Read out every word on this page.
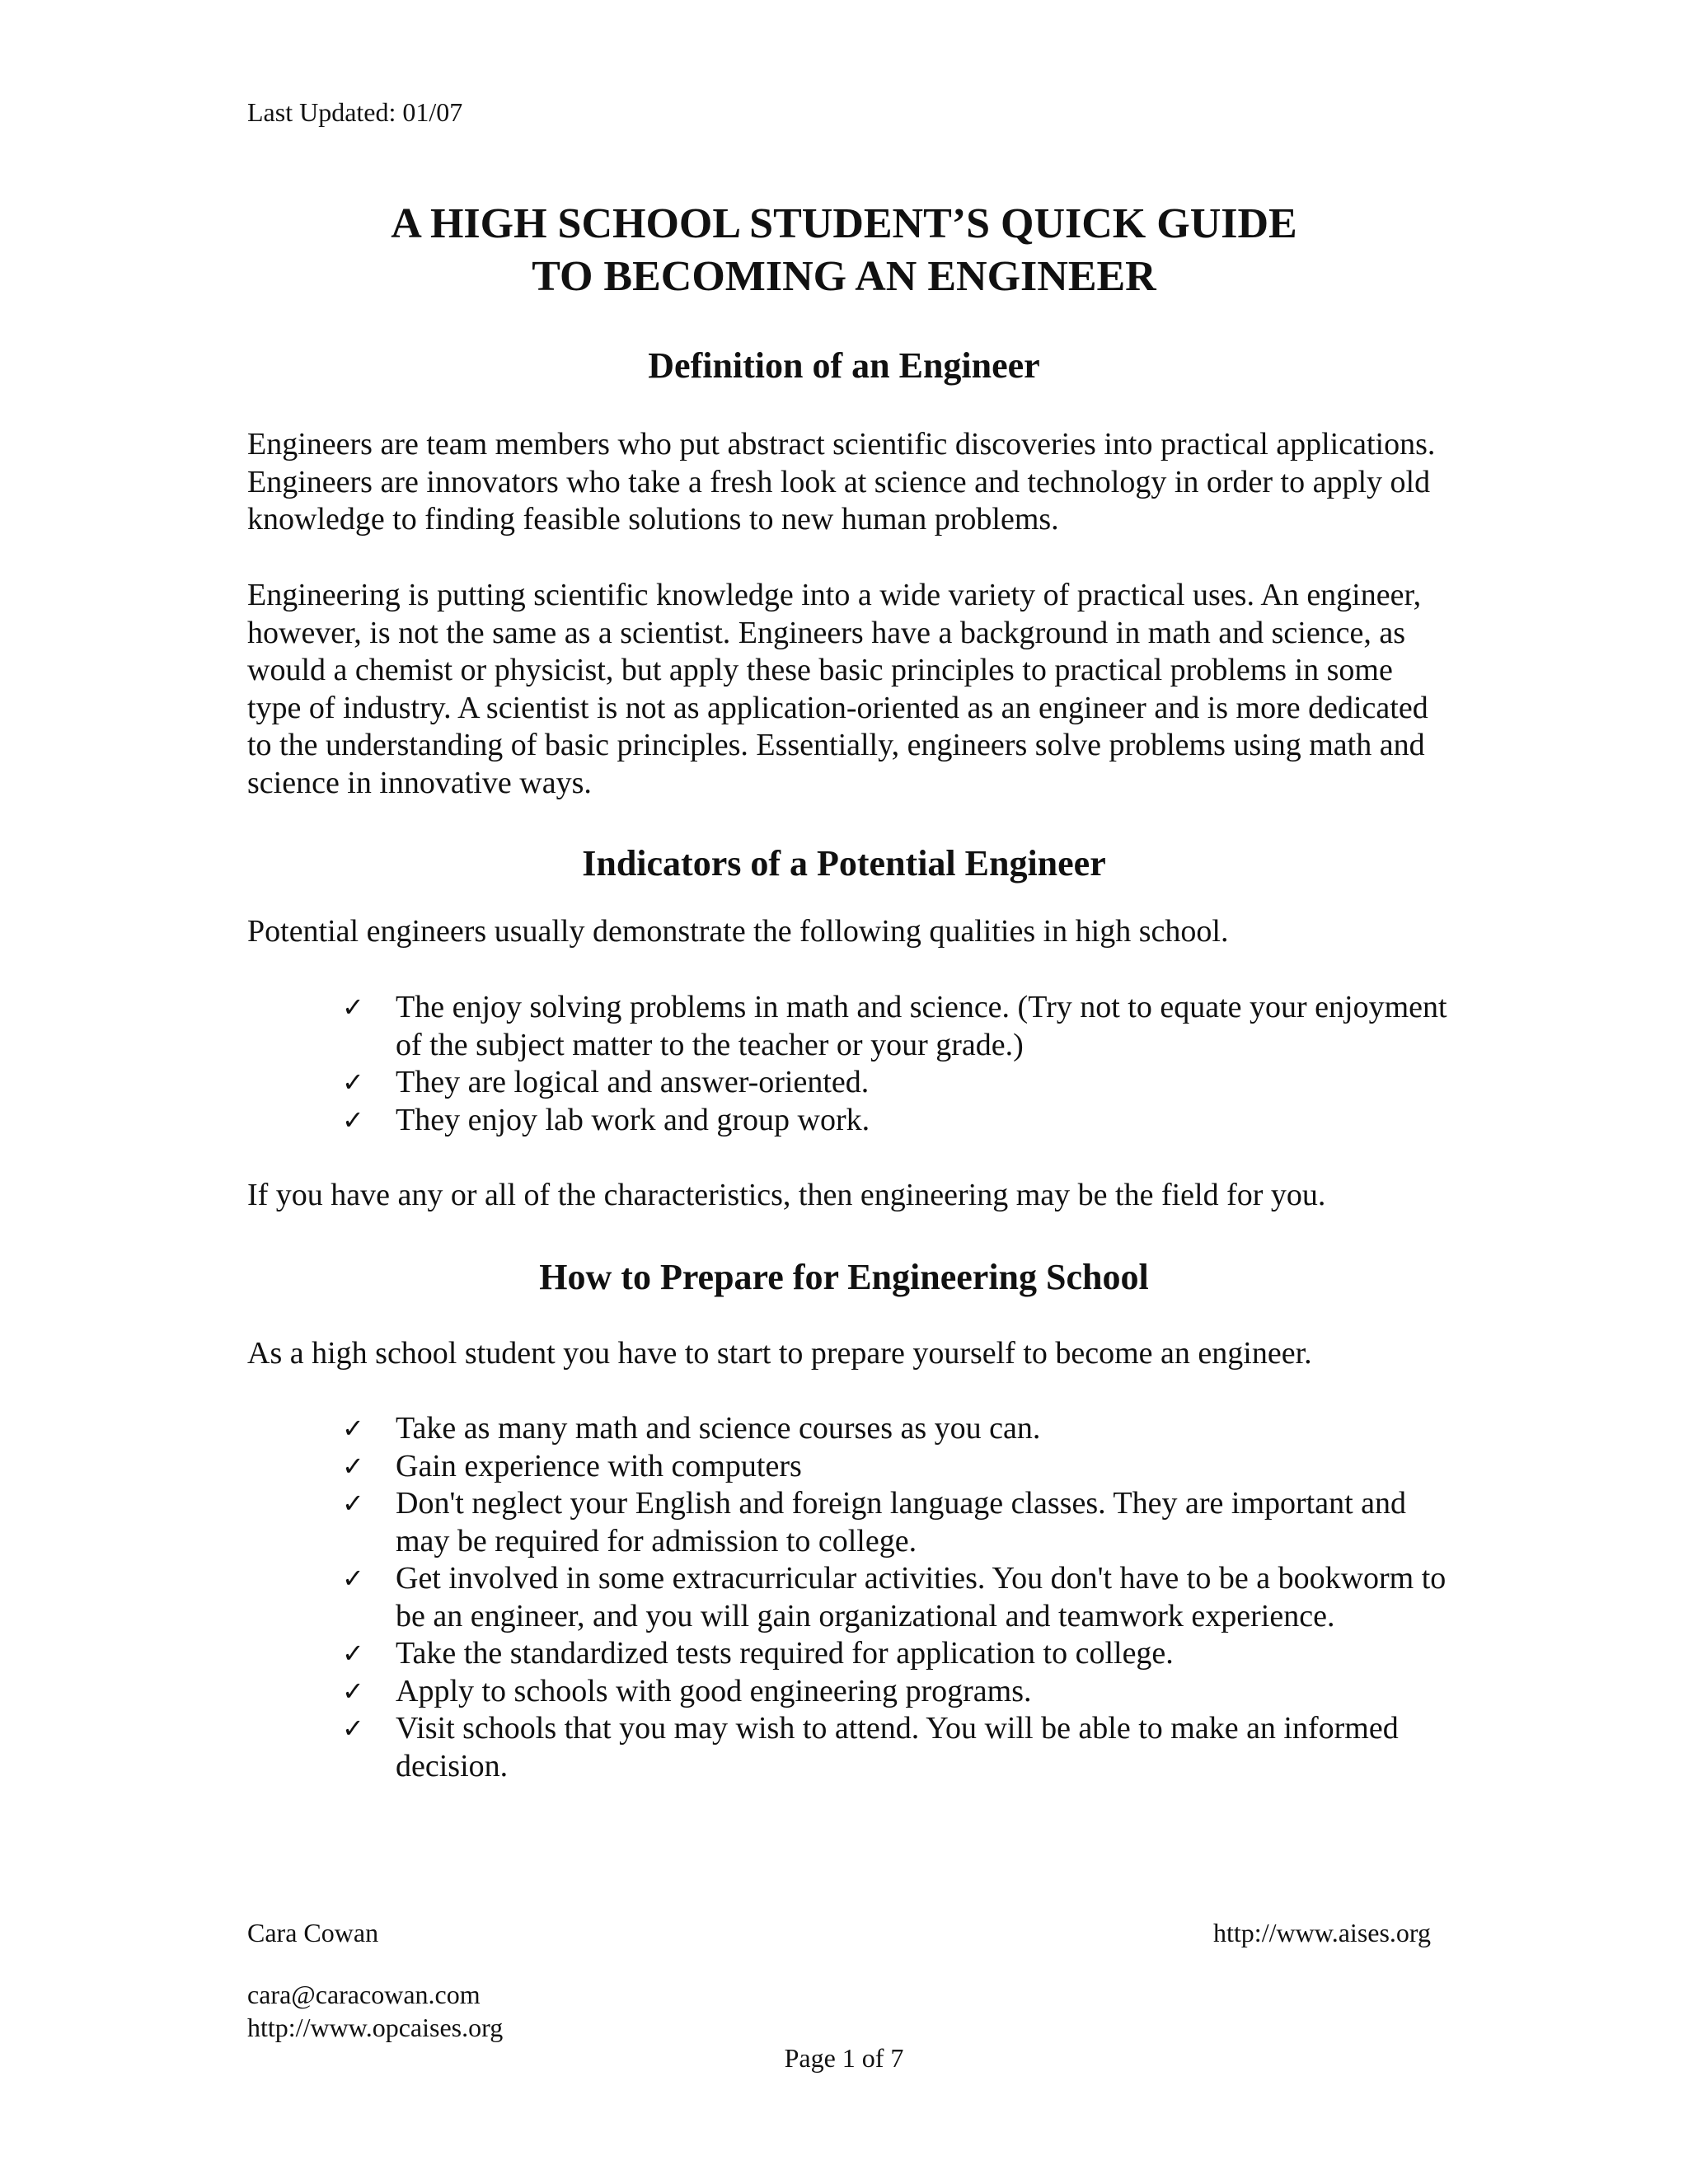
Last Updated: 01/07
A HIGH SCHOOL STUDENT’S QUICK GUIDE
TO BECOMING AN ENGINEER
Definition of an Engineer
Engineers are team members who put abstract scientific discoveries into practical applications. Engineers are innovators who take a fresh look at science and technology in order to apply old knowledge to finding feasible solutions to new human problems.
Engineering is putting scientific knowledge into a wide variety of practical uses. An engineer, however, is not the same as a scientist. Engineers have a background in math and science, as would a chemist or physicist, but apply these basic principles to practical problems in some type of industry. A scientist is not as application-oriented as an engineer and is more dedicated to the understanding of basic principles. Essentially, engineers solve problems using math and science in innovative ways.
Indicators of a Potential Engineer
Potential engineers usually demonstrate the following qualities in high school.
✓ The enjoy solving problems in math and science. (Try not to equate your enjoyment of the subject matter to the teacher or your grade.)
✓ They are logical and answer-oriented.
✓ They enjoy lab work and group work.
If you have any or all of the characteristics, then engineering may be the field for you.
How to Prepare for Engineering School
As a high school student you have to start to prepare yourself to become an engineer.
✓ Take as many math and science courses as you can.
✓ Gain experience with computers
✓ Don't neglect your English and foreign language classes. They are important and may be required for admission to college.
✓ Get involved in some extracurricular activities. You don't have to be a bookworm to be an engineer, and you will gain organizational and teamwork experience.
✓ Take the standardized tests required for application to college.
✓ Apply to schools with good engineering programs.
✓ Visit schools that you may wish to attend. You will be able to make an informed decision.
Cara Cowan	http://www.aises.org
cara@caracowan.com
http://www.opcaises.org
Page 1 of 7
